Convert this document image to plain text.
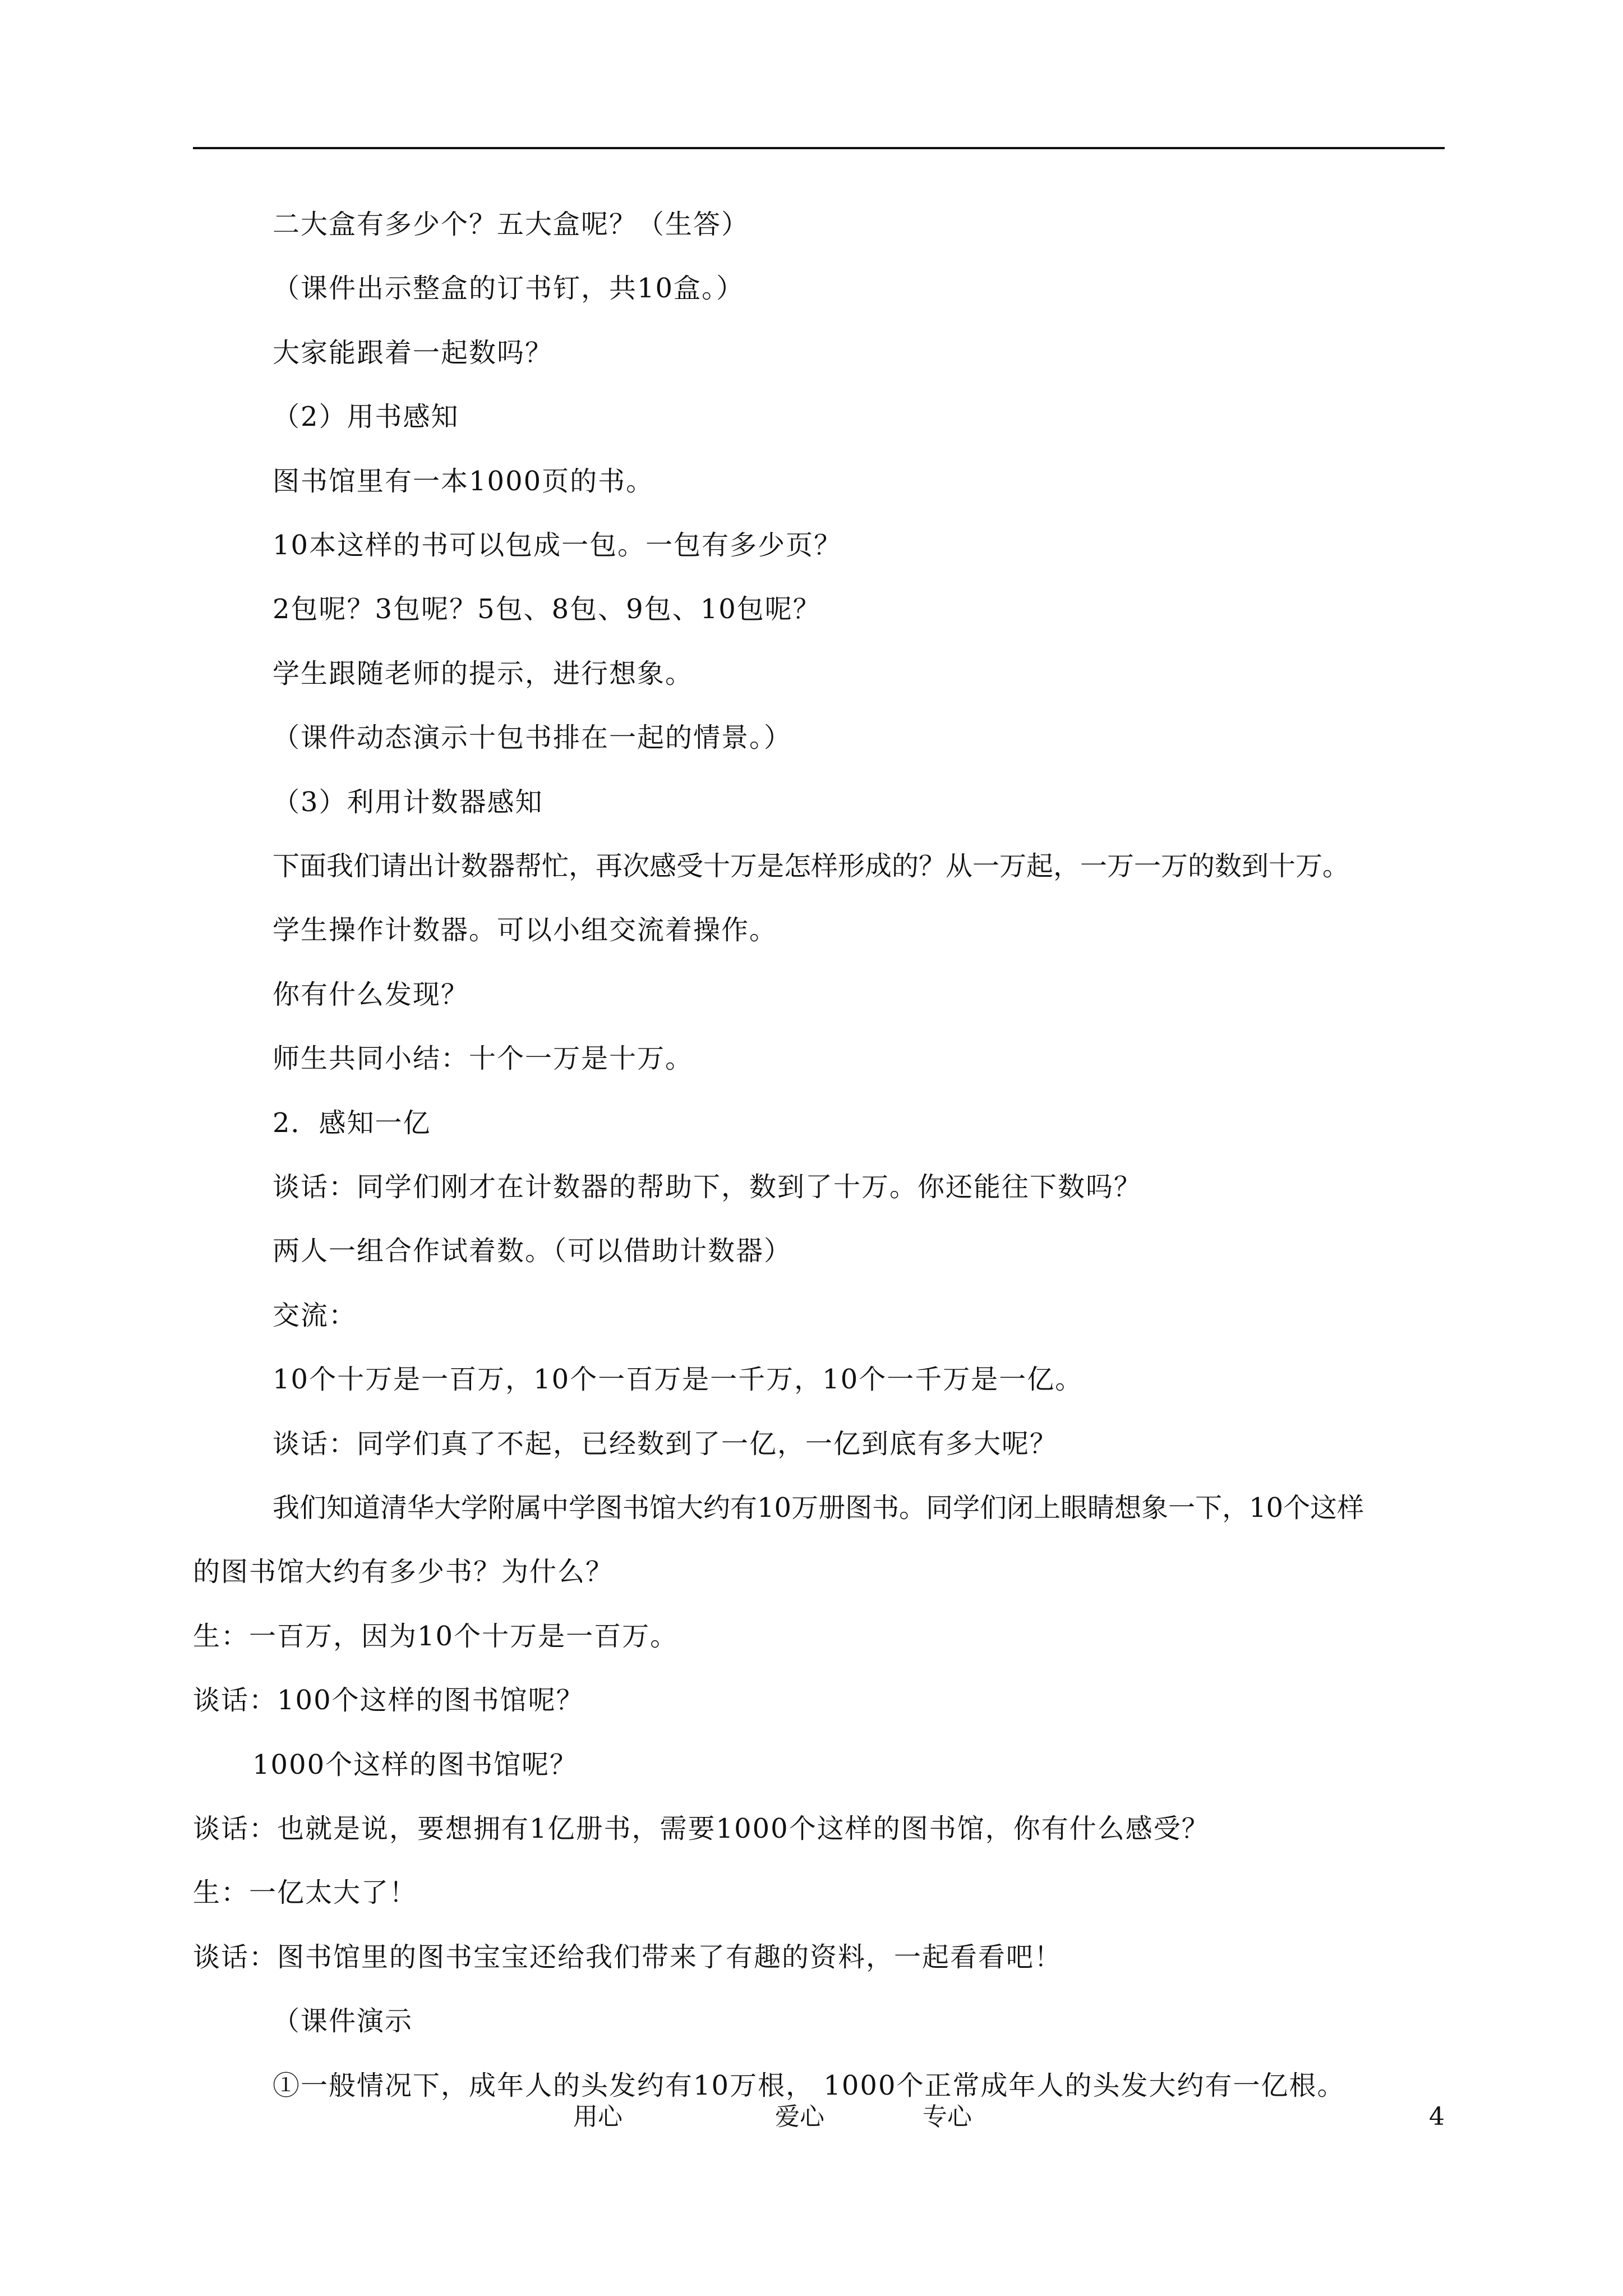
二大盒有多少个？五大盒呢？（生答）
（课件出示整盒的订书钉，共10盒。）
大家能跟着一起数吗？
（2）用书感知
图书馆里有一本1000页的书。
10本这样的书可以包成一包。一包有多少页？
2包呢？3包呢？5包、8包、9包、10包呢？
学生跟随老师的提示，进行想象。
（课件动态演示十包书排在一起的情景。）
（3）利用计数器感知
下面我们请出计数器帮忙，再次感受十万是怎样形成的？从一万起，一万一万的数到十万。
学生操作计数器。可以小组交流着操作。
你有什么发现？
师生共同小结：十个一万是十万。
2．感知一亿
谈话：同学们刚才在计数器的帮助下，数到了十万。你还能往下数吗？
两人一组合作试着数。（可以借助计数器）
交流：
10个十万是一百万，10个一百万是一千万，10个一千万是一亿。
谈话：同学们真了不起，已经数到了一亿，一亿到底有多大呢？
我们知道清华大学附属中学图书馆大约有10万册图书。同学们闭上眼睛想象一下，10个这样
的图书馆大约有多少书？为什么？
生：一百万，因为10个十万是一百万。
谈话：100个这样的图书馆呢？
1000个这样的图书馆呢？
谈话：也就是说，要想拥有1亿册书，需要1000个这样的图书馆，你有什么感受？
生：一亿太大了！
谈话：图书馆里的图书宝宝还给我们带来了有趣的资料，一起看看吧！
（课件演示
①一般情况下，成年人的头发约有10万根， 1000个正常成年人的头发大约有一亿根。
用心	爱心	专心	4
